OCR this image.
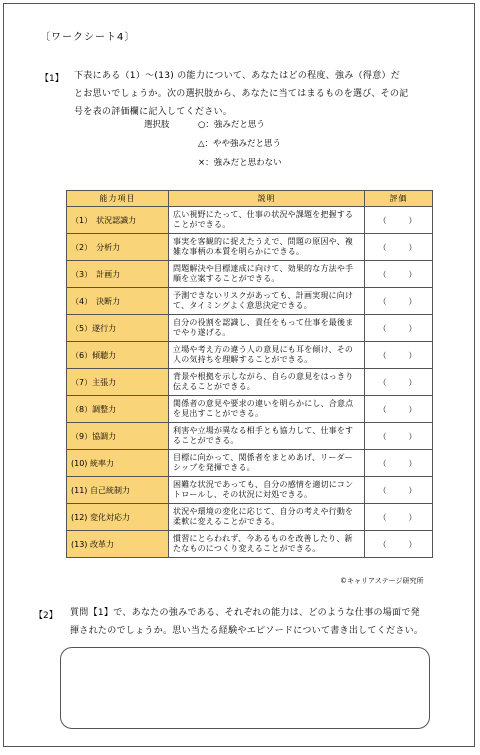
〔ワークシート4〕
【1】 下表にある（1）～(13) の能力について、あなたはどの程度、強み（得意）だ
とお思いでしょうか。次の選択肢から、あなたに当てはまるものを選び、その記
号を表の評価欄に記入してください。
選択肢	○：強みだと思う
△：やや強みだと思う
×：強みだと思わない
能力項目	説明	評価
（1）　状況認識力	広い視野にたって、仕事の状況や課題を把握することができる。	（　　）
（2）　分析力	事実を客観的に捉えたうえで、問題の原因や、複雑な事柄の本質を明らかにできる。	（　　）
（3）　計画力	問題解決や目標達成に向けて、効果的な方法や手順を立案することができる。	（　　）
（4）　決断力	予測できないリスクがあっても、計画実現に向けて、タイミングよく意思決定できる。	（　　）
（5）遂行力	自分の役割を認識し、責任をもって仕事を最後までやり遂げる。	（　　）
（6）傾聴力	立場や考え方の違う人の意見にも耳を傾け、その人の気持ちを理解することができる。	（　　）
（7）主張力	背景や根拠を示しながら、自らの意見をはっきり伝えることができる。	（　　）
（8）調整力	関係者の意見や要求の違いを明らかにし、合意点を見出すことができる。	（　　）
（9）協調力	利害や立場が異なる相手とも協力して、仕事をすることができる。	（　　）
(10) 統率力	目標に向かって、関係者をまとめあげ、リーダーシップを発揮できる。	（　　）
(11) 自己統制力	困難な状況であっても、自分の感情を適切にコントロールし、その状況に対処できる。	（　　）
(12) 変化対応力	状況や環境の変化に応じて、自分の考えや行動を柔軟に変えることができる。	（　　）
(13) 改革力	慣習にとらわれず、今あるものを改善したり、新たなものにつくり変えることができる。	（　　）
©キャリアステージ研究所
【2】 質問【1】で、あなたの強みである、それぞれの能力は、どのような仕事の場面で発
揮されたのでしょうか。思い当たる経験やエピソードについて書き出してください。
